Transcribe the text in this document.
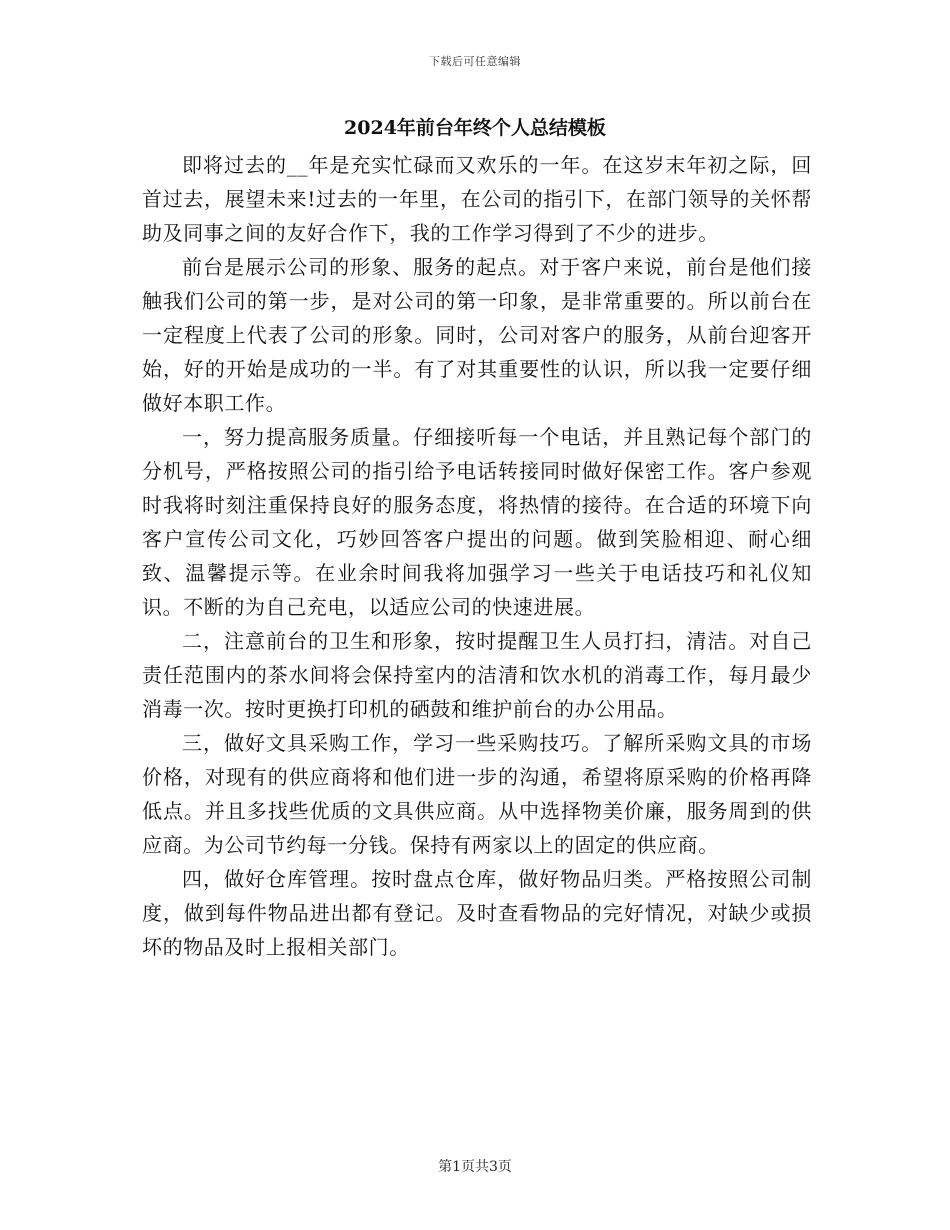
下载后可任意编辑
2024年前台年终个人总结模板

即将过去的__年是充实忙碌而又欢乐的一年。在这岁末年初之际，回首过去，展望未来!过去的一年里，在公司的指引下，在部门领导的关怀帮助及同事之间的友好合作下，我的工作学习得到了不少的进步。

前台是展示公司的形象、服务的起点。对于客户来说，前台是他们接触我们公司的第一步，是对公司的第一印象，是非常重要的。所以前台在一定程度上代表了公司的形象。同时，公司对客户的服务，从前台迎客开始，好的开始是成功的一半。有了对其重要性的认识，所以我一定要仔细做好本职工作。

一，努力提高服务质量。仔细接听每一个电话，并且熟记每个部门的分机号，严格按照公司的指引给予电话转接同时做好保密工作。客户参观时我将时刻注重保持良好的服务态度，将热情的接待。在合适的环境下向客户宣传公司文化，巧妙回答客户提出的问题。做到笑脸相迎、耐心细致、温馨提示等。在业余时间我将加强学习一些关于电话技巧和礼仪知识。不断的为自己充电，以适应公司的快速进展。

二，注意前台的卫生和形象，按时提醒卫生人员打扫，清洁。对自己责任范围内的茶水间将会保持室内的洁清和饮水机的消毒工作，每月最少消毒一次。按时更换打印机的硒鼓和维护前台的办公用品。

三，做好文具采购工作，学习一些采购技巧。了解所采购文具的市场价格，对现有的供应商将和他们进一步的沟通，希望将原采购的价格再降低点。并且多找些优质的文具供应商。从中选择物美价廉，服务周到的供应商。为公司节约每一分钱。保持有两家以上的固定的供应商。

四，做好仓库管理。按时盘点仓库，做好物品归类。严格按照公司制度，做到每件物品进出都有登记。及时查看物品的完好情况，对缺少或损坏的物品及时上报相关部门。

第1页共3页
